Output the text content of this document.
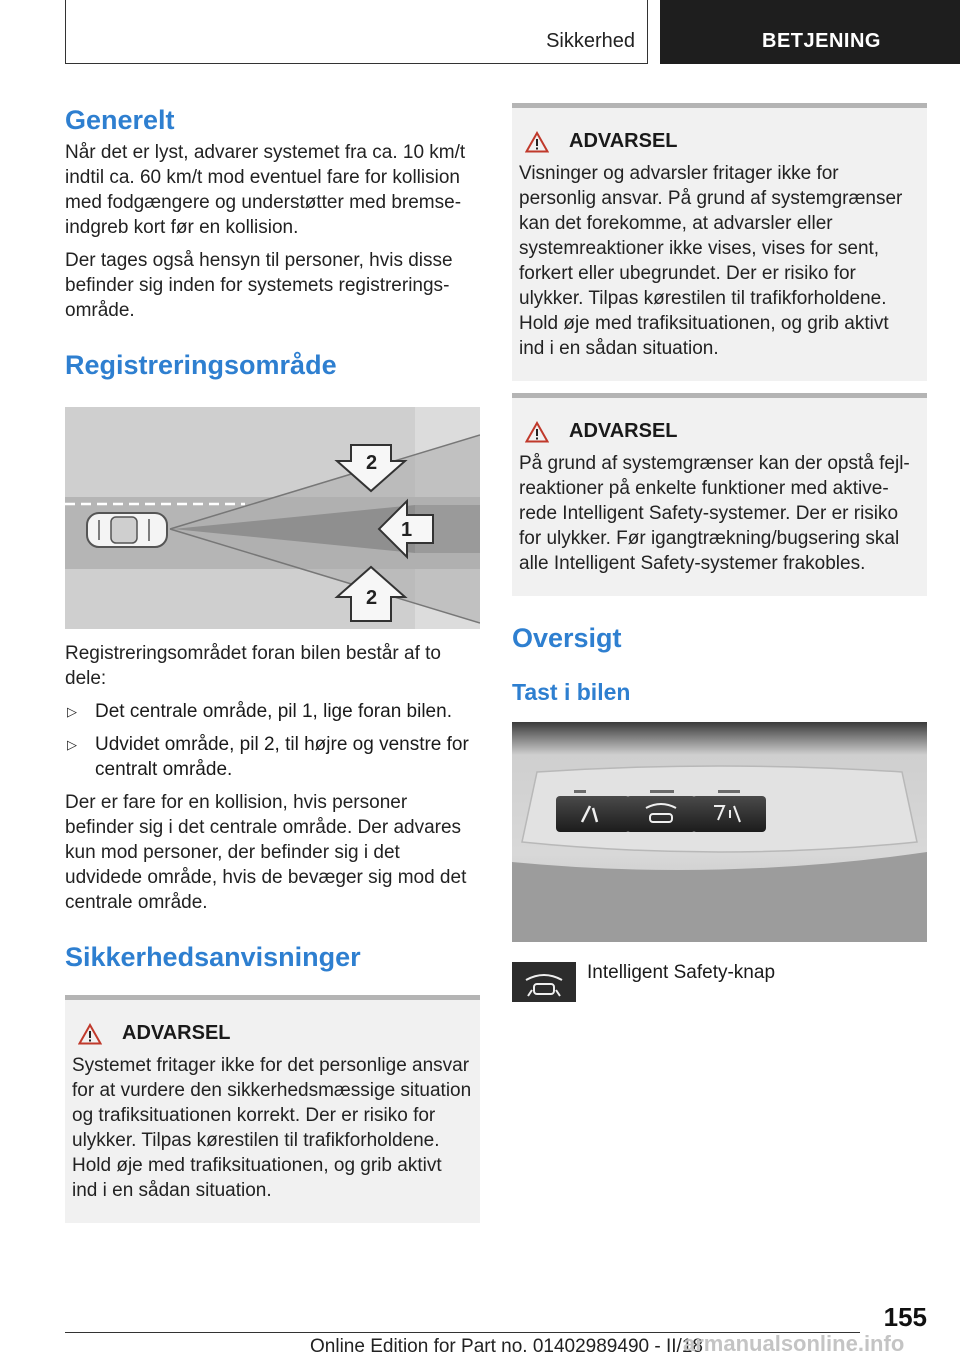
Sikkerhed	BETJENING
Generelt

Når det er lyst, advarer systemet fra ca. 10 km/t indtil ca. 60 km/t mod eventuel fare for kollision med fodgængere og understøtter med bremseindgreb kort før en kollision.

Der tages også hensyn til personer, hvis disse befinder sig inden for systemets registreringsområde.

Registreringsområde
2
1
2

Registreringsområdet foran bilen består af to dele:

▷ Det centrale område, pil 1, lige foran bilen.
▷ Udvidet område, pil 2, til højre og venstre for centralt område.

Der er fare for en kollision, hvis personer befinder sig i det centrale område. Der advares kun mod personer, der befinder sig i det udvidede område, hvis de bevæger sig mod det centrale område.

Sikkerhedsanvisninger
ADVARSEL

Systemet fritager ikke for det personlige ansvar for at vurdere den sikkerhedsmæssige situation og trafiksituationen korrekt. Der er risiko for ulykker. Tilpas kørestilen til trafikforholdene. Hold øje med trafiksituationen, og grib aktivt ind i en sådan situation.

ADVARSEL

Visninger og advarsler fritager ikke for personlig ansvar. På grund af systemgrænser kan det forekomme, at advarsler eller systemreaktioner ikke vises, vises for sent, forkert eller ubegrundet. Der er risiko for ulykker. Tilpas kørestilen til trafikforholdene. Hold øje med trafiksituationen, og grib aktivt ind i en sådan situation.

ADVARSEL

På grund af systemgrænser kan der opstå fejlreaktioner på enkelte funktioner med aktiverede Intelligent Safety-systemer. Der er risiko for ulykker. Før igangtrækning/bugsering skal alle Intelligent Safety-systemer frakobles.

Oversigt
Tast i bilen
Intelligent Safety-knap
155
Online Edition for Part no. 01402989490 - II/18
armanualsonline.info
